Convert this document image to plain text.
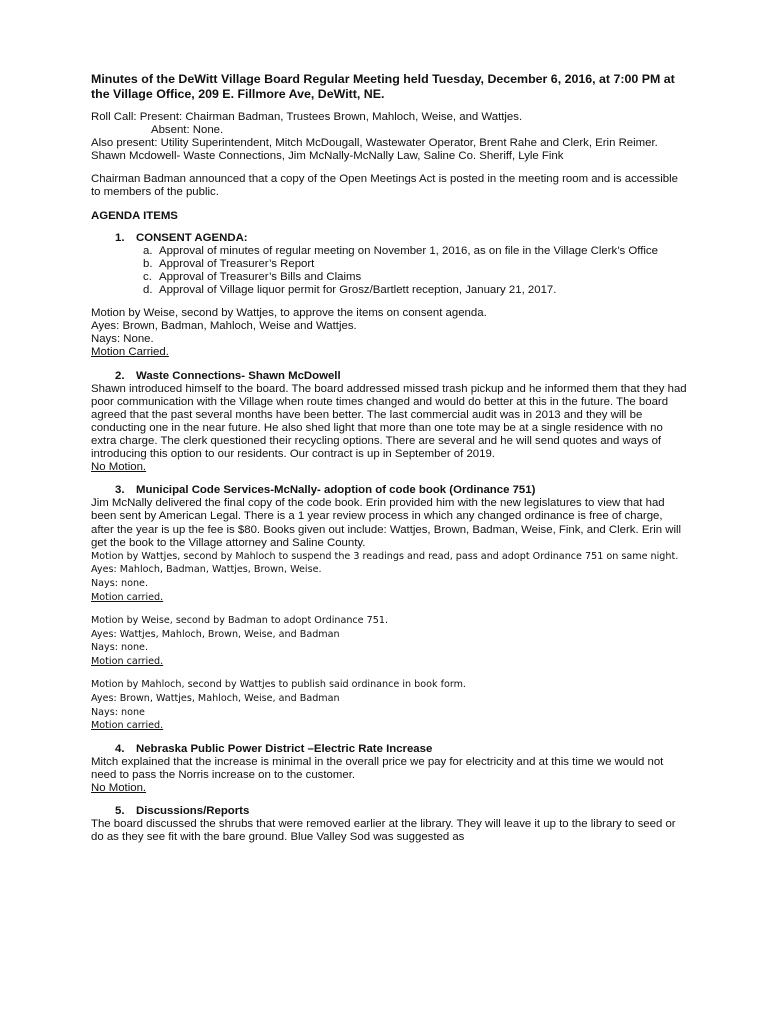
Minutes of the DeWitt Village Board Regular Meeting held Tuesday, December 6, 2016, at 7:00 PM at the Village Office, 209 E. Fillmore Ave, DeWitt, NE.

Roll Call: Present: Chairman Badman, Trustees Brown, Mahloch, Weise, and Wattjes.

Absent: None.

Also present: Utility Superintendent, Mitch McDougall, Wastewater Operator, Brent Rahe and Clerk, Erin Reimer. Shawn Mcdowell- Waste Connections, Jim McNally-McNally Law, Saline Co. Sheriff, Lyle Fink

Chairman Badman announced that a copy of the Open Meetings Act is posted in the meeting room and is accessible to members of the public.

AGENDA ITEMS

1. CONSENT AGENDA:

a. Approval of minutes of regular meeting on November 1, 2016, as on file in the Village Clerk’s Office
b. Approval of Treasurer’s Report
c. Approval of Treasurer’s Bills and Claims
d. Approval of Village liquor permit for Grosz/Bartlett reception, January 21, 2017.

Motion by Weise, second by Wattjes, to approve the items on consent agenda.

Ayes: Brown, Badman, Mahloch, Weise and Wattjes.

Nays: None.

Motion Carried.

2. Waste Connections- Shawn McDowell

Shawn introduced himself to the board. The board addressed missed trash pickup and he informed them that they had poor communication with the Village when route times changed and would do better at this in the future. The board agreed that the past several months have been better. The last commercial audit was in 2013 and they will be conducting one in the near future. He also shed light that more than one tote may be at a single residence with no extra charge. The clerk questioned their recycling options. There are several and he will send quotes and ways of introducing this option to our residents. Our contract is up in September of 2019.

No Motion.

3. Municipal Code Services-McNally- adoption of code book (Ordinance 751)

Jim McNally delivered the final copy of the code book. Erin provided him with the new legislatures to view that had been sent by American Legal. There is a 1 year review process in which any changed ordinance is free of charge, after the year is up the fee is $80. Books given out include: Wattjes, Brown, Badman, Weise, Fink, and Clerk. Erin will get the book to the Village attorney and Saline County.

Motion by Wattjes, second by Mahloch to suspend the 3 readings and read, pass and adopt Ordinance 751 on same night.

Ayes: Mahloch, Badman, Wattjes, Brown, Weise.

Nays: none.

Motion carried.

Motion by Weise, second by Badman to adopt Ordinance 751.

Ayes: Wattjes, Mahloch, Brown, Weise, and Badman

Nays: none.

Motion carried.

Motion by Mahloch, second by Wattjes to publish said ordinance in book form.

Ayes: Brown, Wattjes, Mahloch, Weise, and Badman

Nays: none

Motion carried.

4. Nebraska Public Power District –Electric Rate Increase

Mitch explained that the increase is minimal in the overall price we pay for electricity and at this time we would not need to pass the Norris increase on to the customer.

No Motion.

5. Discussions/Reports

The board discussed the shrubs that were removed earlier at the library. They will leave it up to the library to seed or do as they see fit with the bare ground. Blue Valley Sod was suggested as
